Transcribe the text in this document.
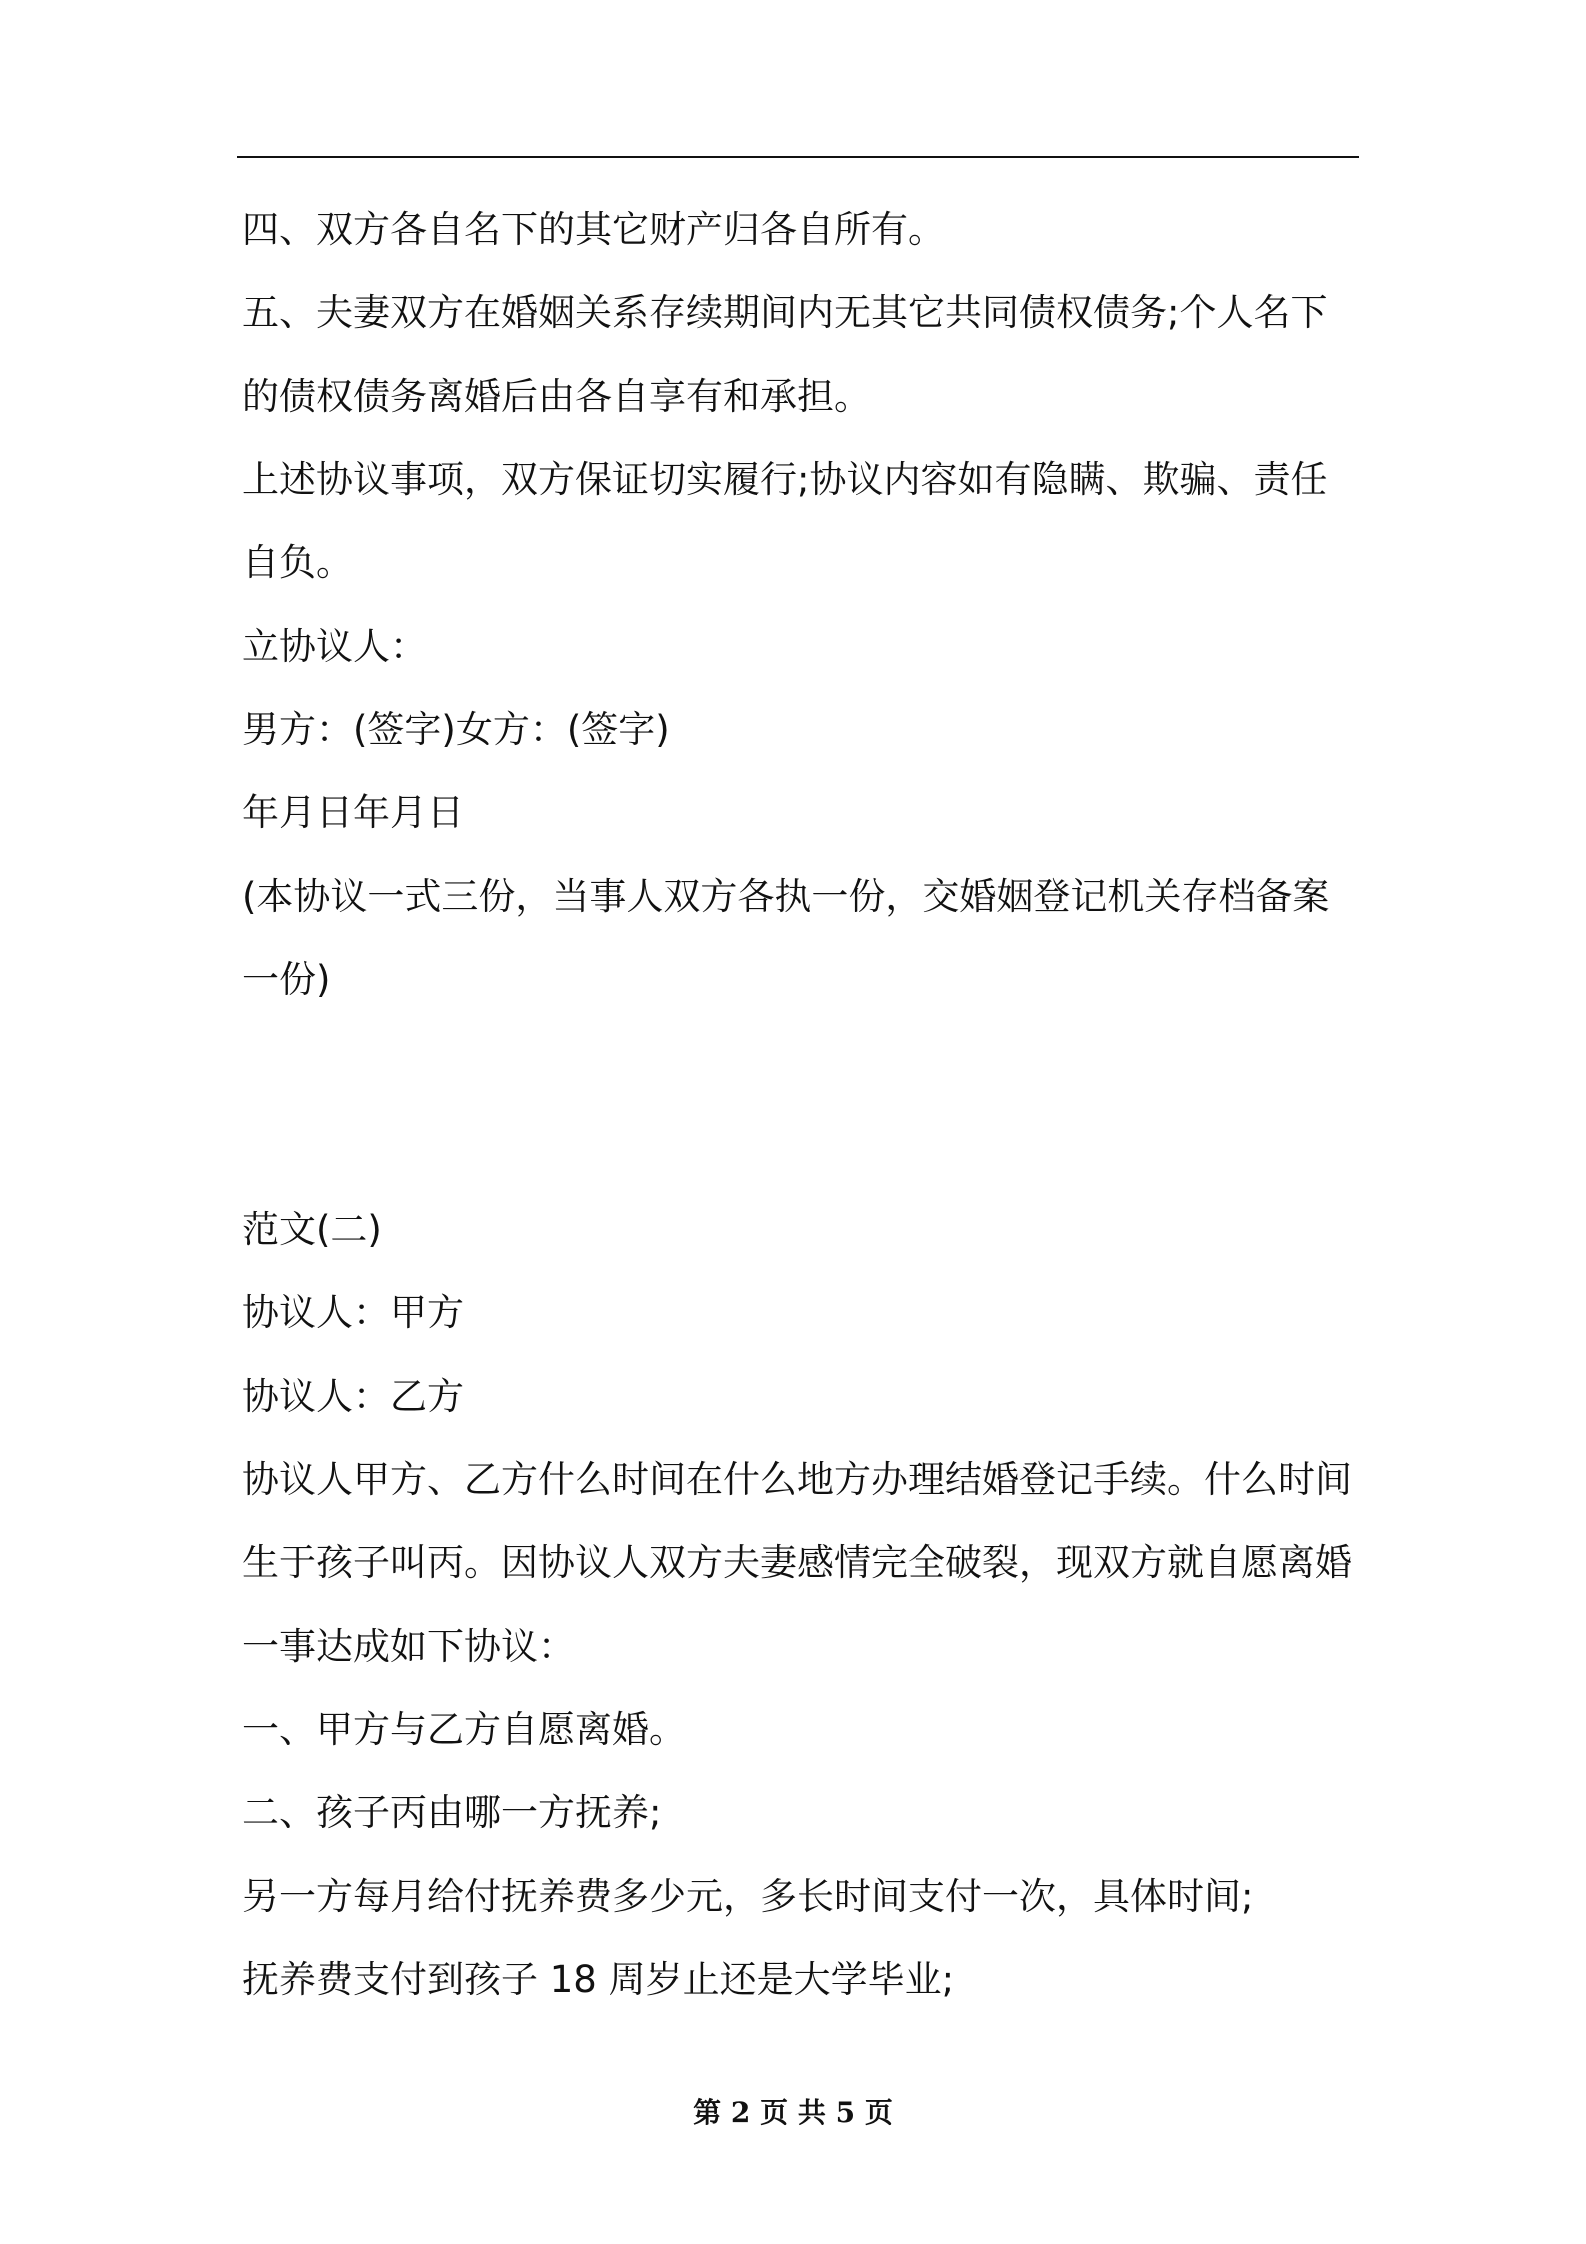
四、双方各自名下的其它财产归各自所有。
五、夫妻双方在婚姻关系存续期间内无其它共同债权债务;个人名下
的债权债务离婚后由各自享有和承担。
上述协议事项，双方保证切实履行;协议内容如有隐瞒、欺骗、责任
自负。
立协议人：
男方：(签字)女方：(签字)
年月日年月日
(本协议一式三份，当事人双方各执一份，交婚姻登记机关存档备案
一份)
范文(二)
协议人：甲方
协议人：乙方
协议人甲方、乙方什么时间在什么地方办理结婚登记手续。什么时间
生于孩子叫丙。因协议人双方夫妻感情完全破裂，现双方就自愿离婚
一事达成如下协议：
一、甲方与乙方自愿离婚。
二、孩子丙由哪一方抚养;
另一方每月给付抚养费多少元，多长时间支付一次，具体时间;
抚养费支付到孩子 18 周岁止还是大学毕业;
第 2 页 共 5 页
